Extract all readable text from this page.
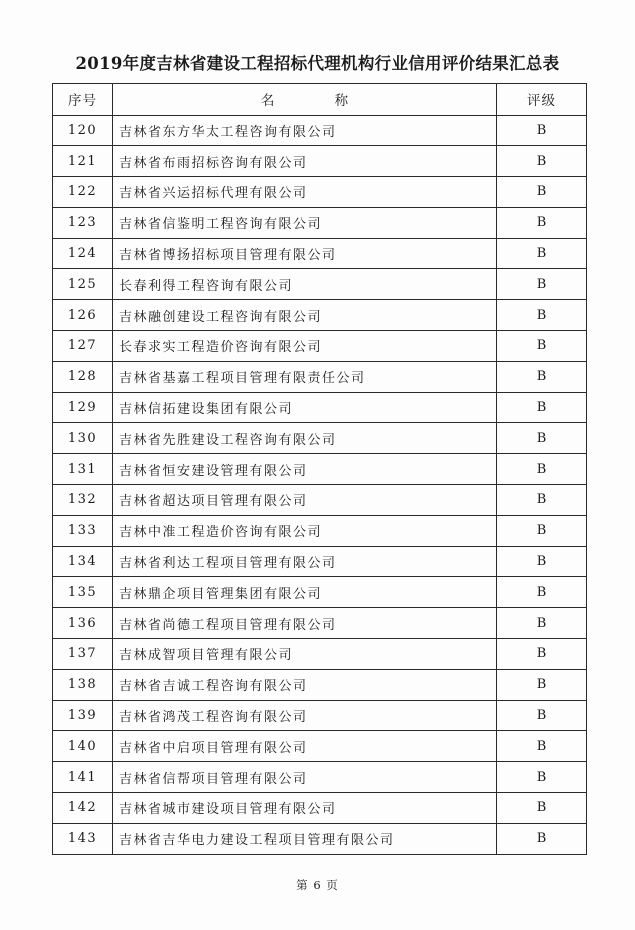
2019年度吉林省建设工程招标代理机构行业信用评价结果汇总表
序号	名 称	评级
120	吉林省东方华太工程咨询有限公司	B
121	吉林省布雨招标咨询有限公司	B
122	吉林省兴运招标代理有限公司	B
123	吉林省信鉴明工程咨询有限公司	B
124	吉林省博扬招标项目管理有限公司	B
125	长春利得工程咨询有限公司	B
126	吉林融创建设工程咨询有限公司	B
127	长春求实工程造价咨询有限公司	B
128	吉林省基嘉工程项目管理有限责任公司	B
129	吉林信拓建设集团有限公司	B
130	吉林省先胜建设工程咨询有限公司	B
131	吉林省恒安建设管理有限公司	B
132	吉林省超达项目管理有限公司	B
133	吉林中准工程造价咨询有限公司	B
134	吉林省利达工程项目管理有限公司	B
135	吉林鼎企项目管理集团有限公司	B
136	吉林省尚德工程项目管理有限公司	B
137	吉林成智项目管理有限公司	B
138	吉林省吉诚工程咨询有限公司	B
139	吉林省鸿茂工程咨询有限公司	B
140	吉林省中启项目管理有限公司	B
141	吉林省信帮项目管理有限公司	B
142	吉林省城市建设项目管理有限公司	B
143	吉林省吉华电力建设工程项目管理有限公司	B
第 6 页
